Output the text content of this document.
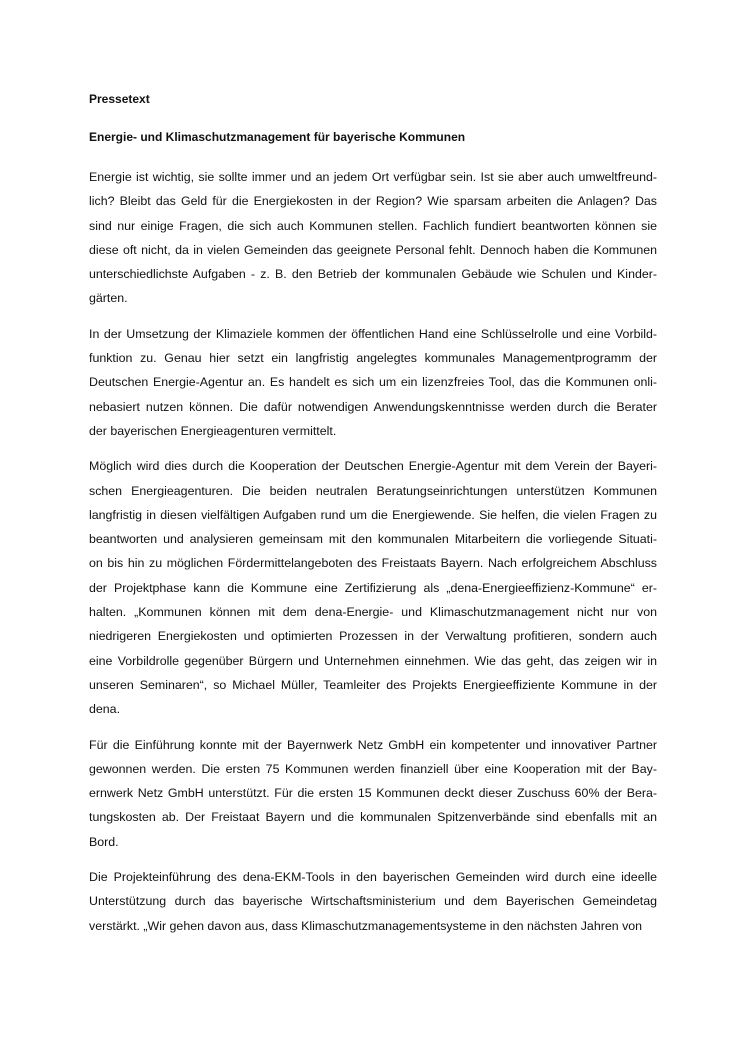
Pressetext
Energie- und Klimaschutzmanagement für bayerische Kommunen
Energie ist wichtig, sie sollte immer und an jedem Ort verfügbar sein. Ist sie aber auch umweltfreund-
lich? Bleibt das Geld für die Energiekosten in der Region? Wie sparsam arbeiten die Anlagen? Das
sind nur einige Fragen, die sich auch Kommunen stellen. Fachlich fundiert beantworten können sie
diese oft nicht, da in vielen Gemeinden das geeignete Personal fehlt. Dennoch haben die Kommunen
unterschiedlichste Aufgaben - z. B. den Betrieb der kommunalen Gebäude wie Schulen und Kinder-
gärten.
In der Umsetzung der Klimaziele kommen der öffentlichen Hand eine Schlüsselrolle und eine Vorbild-
funktion zu. Genau hier setzt ein langfristig angelegtes kommunales Managementprogramm der
Deutschen Energie-Agentur an. Es handelt es sich um ein lizenzfreies Tool, das die Kommunen onli-
nebasiert nutzen können. Die dafür notwendigen Anwendungskenntnisse werden durch die Berater
der bayerischen Energieagenturen vermittelt.
Möglich wird dies durch die Kooperation der Deutschen Energie-Agentur mit dem Verein der Bayeri-
schen Energieagenturen. Die beiden neutralen Beratungseinrichtungen unterstützen Kommunen
langfristig in diesen vielfältigen Aufgaben rund um die Energiewende. Sie helfen, die vielen Fragen zu
beantworten und analysieren gemeinsam mit den kommunalen Mitarbeitern die vorliegende Situati-
on bis hin zu möglichen Fördermittelangeboten des Freistaats Bayern. Nach erfolgreichem Abschluss
der Projektphase kann die Kommune eine Zertifizierung als „dena-Energieeffizienz-Kommune“ er-
halten. „Kommunen können mit dem dena-Energie- und Klimaschutzmanagement nicht nur von
niedrigeren Energiekosten und optimierten Prozessen in der Verwaltung profitieren, sondern auch
eine Vorbildrolle gegenüber Bürgern und Unternehmen einnehmen. Wie das geht, das zeigen wir in
unseren Seminaren“, so Michael Müller, Teamleiter des Projekts Energieeffiziente Kommune in der
dena.
Für die Einführung konnte mit der Bayernwerk Netz GmbH ein kompetenter und innovativer Partner
gewonnen werden. Die ersten 75 Kommunen werden finanziell über eine Kooperation mit der Bay-
ernwerk Netz GmbH unterstützt. Für die ersten 15 Kommunen deckt dieser Zuschuss 60% der Bera-
tungskosten ab. Der Freistaat Bayern und die kommunalen Spitzenverbände sind ebenfalls mit an
Bord.
Die Projekteinführung des dena-EKM-Tools in den bayerischen Gemeinden wird durch eine ideelle
Unterstützung durch das bayerische Wirtschaftsministerium und dem Bayerischen Gemeindetag
verstärkt. „Wir gehen davon aus, dass Klimaschutzmanagementsysteme in den nächsten Jahren von
